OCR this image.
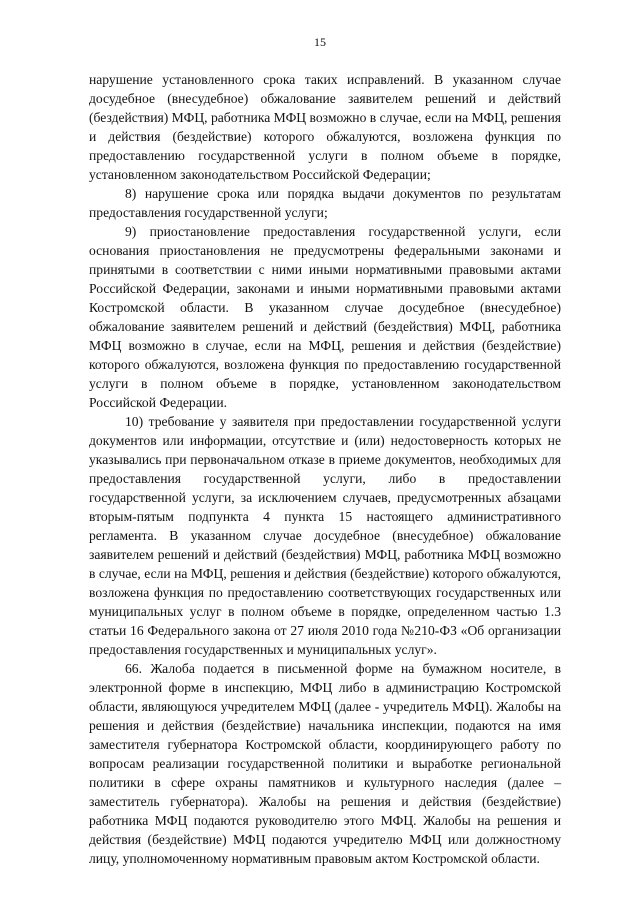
15

нарушение установленного срока таких исправлений. В указанном случае досудебное (внесудебное) обжалование заявителем решений и действий (бездействия) МФЦ, работника МФЦ возможно в случае, если на МФЦ, решения и действия (бездействие) которого обжалуются, возложена функция по предоставлению государственной услуги в полном объеме в порядке, установленном законодательством Российской Федерации;

8) нарушение срока или порядка выдачи документов по результатам предоставления государственной услуги;

9) приостановление предоставления государственной услуги, если основания приостановления не предусмотрены федеральными законами и принятыми в соответствии с ними иными нормативными правовыми актами Российской Федерации, законами и иными нормативными правовыми актами Костромской области. В указанном случае досудебное (внесудебное) обжалование заявителем решений и действий (бездействия) МФЦ, работника МФЦ возможно в случае, если на МФЦ, решения и действия (бездействие) которого обжалуются, возложена функция по предоставлению государственной услуги в полном объеме в порядке, установленном законодательством Российской Федерации.

10) требование у заявителя при предоставлении государственной услуги документов или информации, отсутствие и (или) недостоверность которых не указывались при первоначальном отказе в приеме документов, необходимых для предоставления государственной услуги, либо в предоставлении государственной услуги, за исключением случаев, предусмотренных абзацами вторым-пятым подпункта 4 пункта 15 настоящего административного регламента. В указанном случае досудебное (внесудебное) обжалование заявителем решений и действий (бездействия) МФЦ, работника МФЦ возможно в случае, если на МФЦ, решения и действия (бездействие) которого обжалуются, возложена функция по предоставлению соответствующих государственных или муниципальных услуг в полном объеме в порядке, определенном частью 1.3 статьи 16 Федерального закона от 27 июля 2010 года №210-ФЗ «Об организации предоставления государственных и муниципальных услуг».

66. Жалоба подается в письменной форме на бумажном носителе, в электронной форме в инспекцию, МФЦ либо в администрацию Костромской области, являющуюся учредителем МФЦ (далее - учредитель МФЦ). Жалобы на решения и действия (бездействие) начальника инспекции, подаются на имя заместителя губернатора Костромской области, координирующего работу по вопросам реализации государственной политики и выработке региональной политики в сфере охраны памятников и культурного наследия (далее – заместитель губернатора). Жалобы на решения и действия (бездействие) работника МФЦ подаются руководителю этого МФЦ. Жалобы на решения и действия (бездействие) МФЦ подаются учредителю МФЦ или должностному лицу, уполномоченному нормативным правовым актом Костромской области.
